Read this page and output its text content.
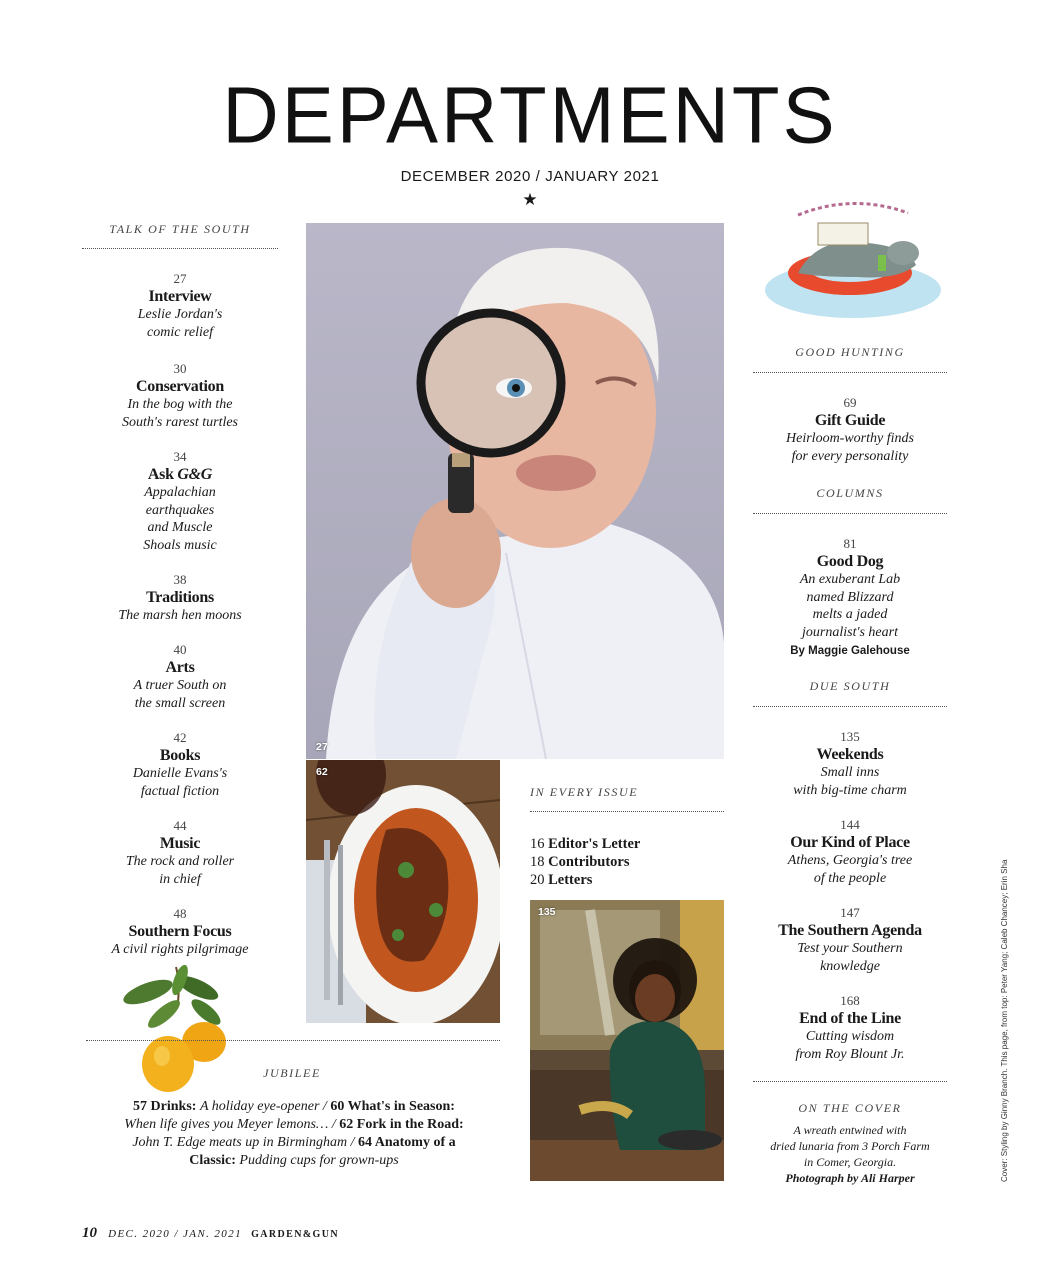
DEPARTMENTS
DECEMBER 2020 / JANUARY 2021
★
TALK OF THE SOUTH
27
Interview
Leslie Jordan's
comic relief
30
Conservation
In the bog with the
South's rarest turtles
34
Ask G&G
Appalachian
earthquakes
and Muscle
Shoals music
38
Traditions
The marsh hen moons
40
Arts
A truer South on
the small screen
42
Books
Danielle Evans's
factual fiction
44
Music
The rock and roller
in chief
48
Southern Focus
A civil rights pilgrimage
27
62
IN EVERY ISSUE
16 Editor's Letter
18 Contributors
20 Letters
135
GOOD HUNTING
69
Gift Guide
Heirloom-worthy finds
for every personality
COLUMNS
81
Good Dog
An exuberant Lab
named Blizzard
melts a jaded
journalist's heart
By Maggie Galehouse
DUE SOUTH
135
Weekends
Small inns
with big-time charm
144
Our Kind of Place
Athens, Georgia's tree
of the people
147
The Southern Agenda
Test your Southern
knowledge
168
End of the Line
Cutting wisdom
from Roy Blount Jr.
ON THE COVER
A wreath entwined with
dried lunaria from 3 Porch Farm
in Comer, Georgia.
Photograph by Ali Harper
JUBILEE
57 Drinks: A holiday eye-opener / 60 What's in Season: When life gives you Meyer lemons… / 62 Fork in the Road: John T. Edge meats up in Birmingham / 64 Anatomy of a Classic: Pudding cups for grown-ups
10 DEC. 2020 / JAN. 2021 GARDEN&GUN
Cover: Styling by Ginny Branch. This page, from top: Peter Yang; Caleb Chancey; Erin Sha
